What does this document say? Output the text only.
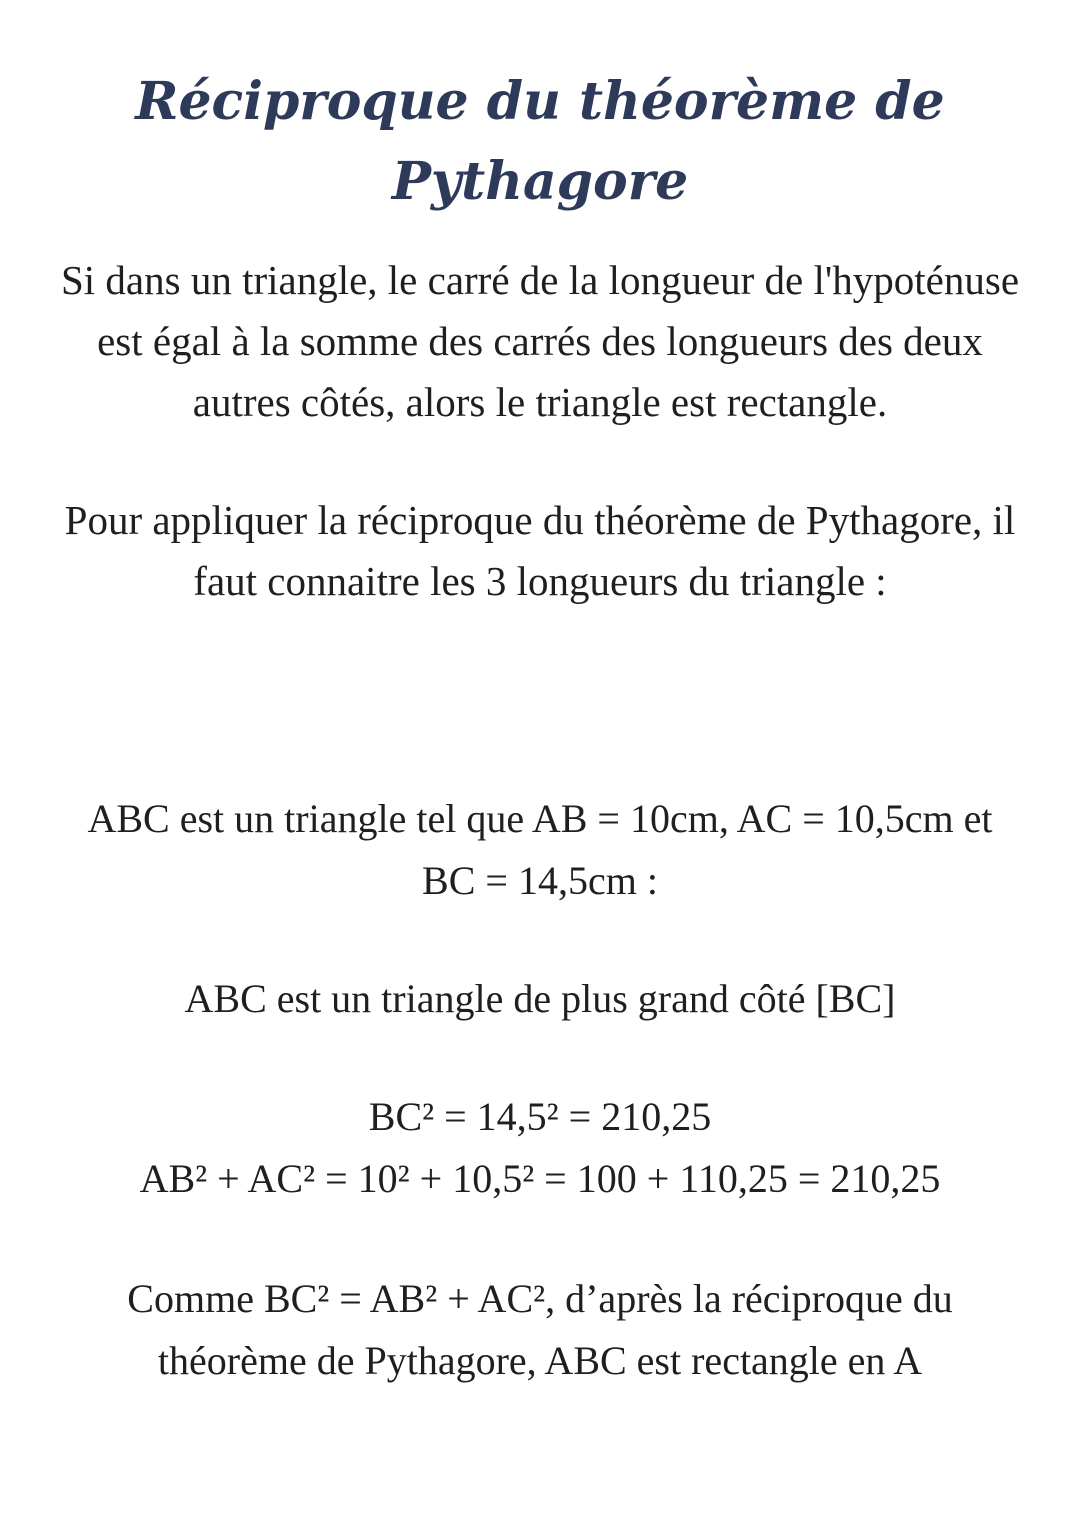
Réciproque du théorème de
Pythagore

Si dans un triangle, le carré de la longueur de l'hypoténuse
est égal à la somme des carrés des longueurs des deux
autres côtés, alors le triangle est rectangle.

Pour appliquer la réciproque du théorème de Pythagore, il
faut connaitre les 3 longueurs du triangle :

ABC est un triangle tel que AB = 10cm, AC = 10,5cm et
BC = 14,5cm :

ABC est un triangle de plus grand côté [BC]

BC² = 14,5² = 210,25
AB² + AC² = 10² + 10,5² = 100 + 110,25 = 210,25

Comme BC² = AB² + AC², d’après la réciproque du
théorème de Pythagore, ABC est rectangle en A
